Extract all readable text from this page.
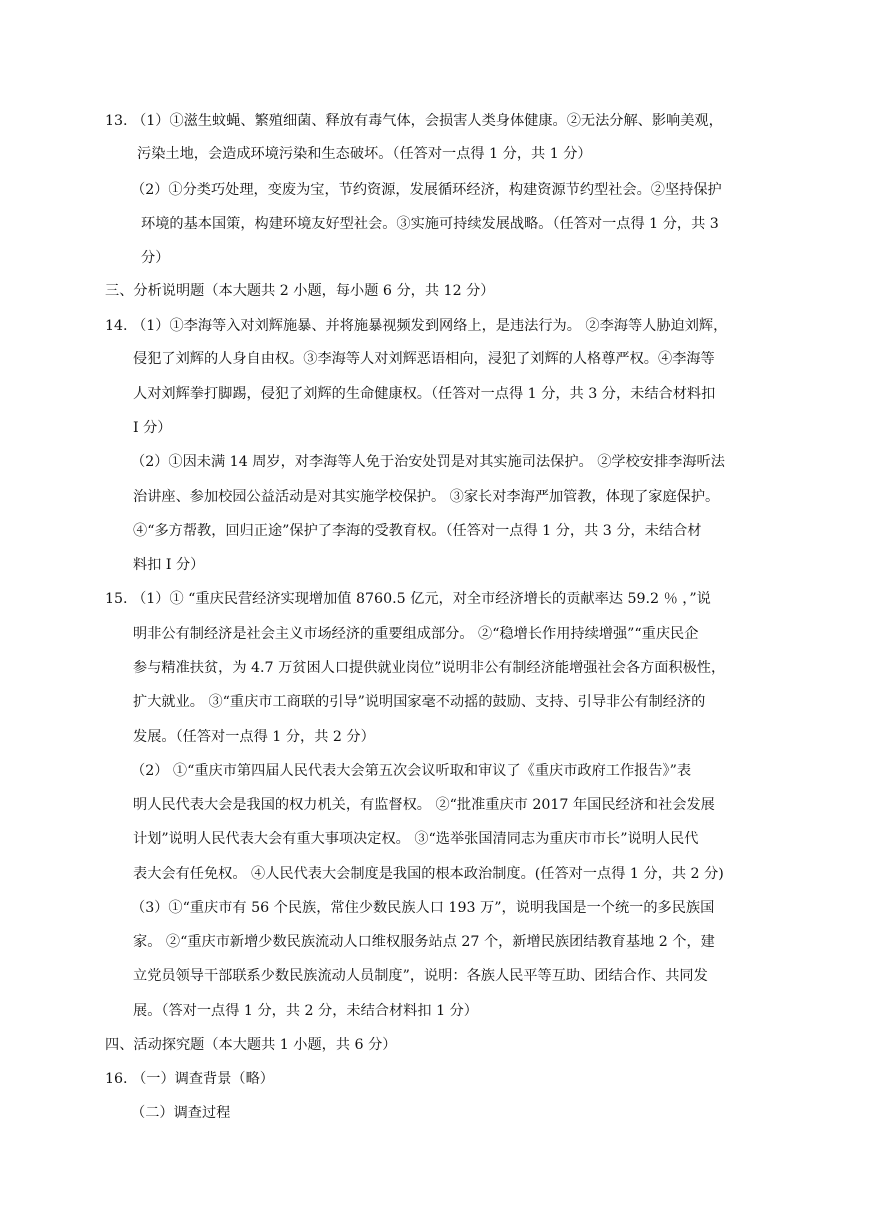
13. （1）①滋生蚊蝇、繁殖细菌、释放有毒气体，会损害人类身体健康。②无法分解、影响美观，
污染土地，会造成环境污染和生态破坏。（任答对一点得 1 分，共 1 分）
（2）①分类巧处理，变废为宝，节约资源，发展循环经济，构建资源节约型社会。②坚持保护
环境的基本国策，构建环境友好型社会。③实施可持续发展战略。（任答对一点得 1 分，共 3
分）
三、分析说明题（本大题共 2 小题，每小题 6 分，共 12 分）
14. （1）①李海等入对刘辉施暴、并将施暴视频发到网络上，是违法行为。 ②李海等人胁迫刘辉，
侵犯了刘辉的人身自由权。③李海等人对刘辉恶语相向，浸犯了刘辉的人格尊严权。④李海等
人对刘辉拳打脚踢，侵犯了刘辉的生命健康权。（任答对一点得 1 分，共 3 分，未结合材料扣
I 分）
（2）①因未满 14 周岁，对李海等人免于治安处罚是对其实施司法保护。 ②学校安排李海听法
治讲座、参加校园公益活动是对其实施学校保护。 ③家长对李海严加管教，体现了家庭保护。
④“多方帮教，回归正途”保护了李海的受教育权。（任答对一点得 1 分，共 3 分，未结合材
料扣 I 分）
15. （1）① “重庆民营经济实现增加值 8760.5 亿元，对全市经济增长的贡献率达 59.2 ％ ，”说
明非公有制经济是社会主义市场经济的重要组成部分。 ②“稳增长作用持续增强”“重庆民企
参与精准扶贫，为 4.7 万贫困人口提供就业岗位”说明非公有制经济能增强社会各方面积极性，
扩大就业。 ③“重庆市工商联的引导”说明国家毫不动摇的鼓励、支持、引导非公有制经济的
发展。（任答对一点得 1 分，共 2 分）
（2） ①“重庆市第四届人民代表大会第五次会议听取和审议了《重庆市政府工作报告》”表
明人民代表大会是我国的权力机关，有监督权。 ②“批准重庆市 2017 年国民经济和社会发展
计划”说明人民代表大会有重大事项决定权。 ③“选举张国清同志为重庆市市长”说明人民代
表大会有任免权。 ④人民代表大会制度是我国的根本政治制度。(任答对一点得 1 分，共 2 分)
（3）①“重庆市有 56 个民族，常住少数民族人口 193 万”，说明我国是一个统一的多民族国
家。 ②“重庆市新增少数民族流动人口维权服务站点 27 个，新增民族团结教育基地 2 个，建
立党员领导干部联系少数民族流动人员制度”，说明：各族人民平等互助、团结合作、共同发
展。（答对一点得 1 分，共 2 分，未结合材料扣 1 分）
四、活动探究题（本大题共 1 小题，共 6 分）
16. （一）调查背景（略）
（二）调查过程
